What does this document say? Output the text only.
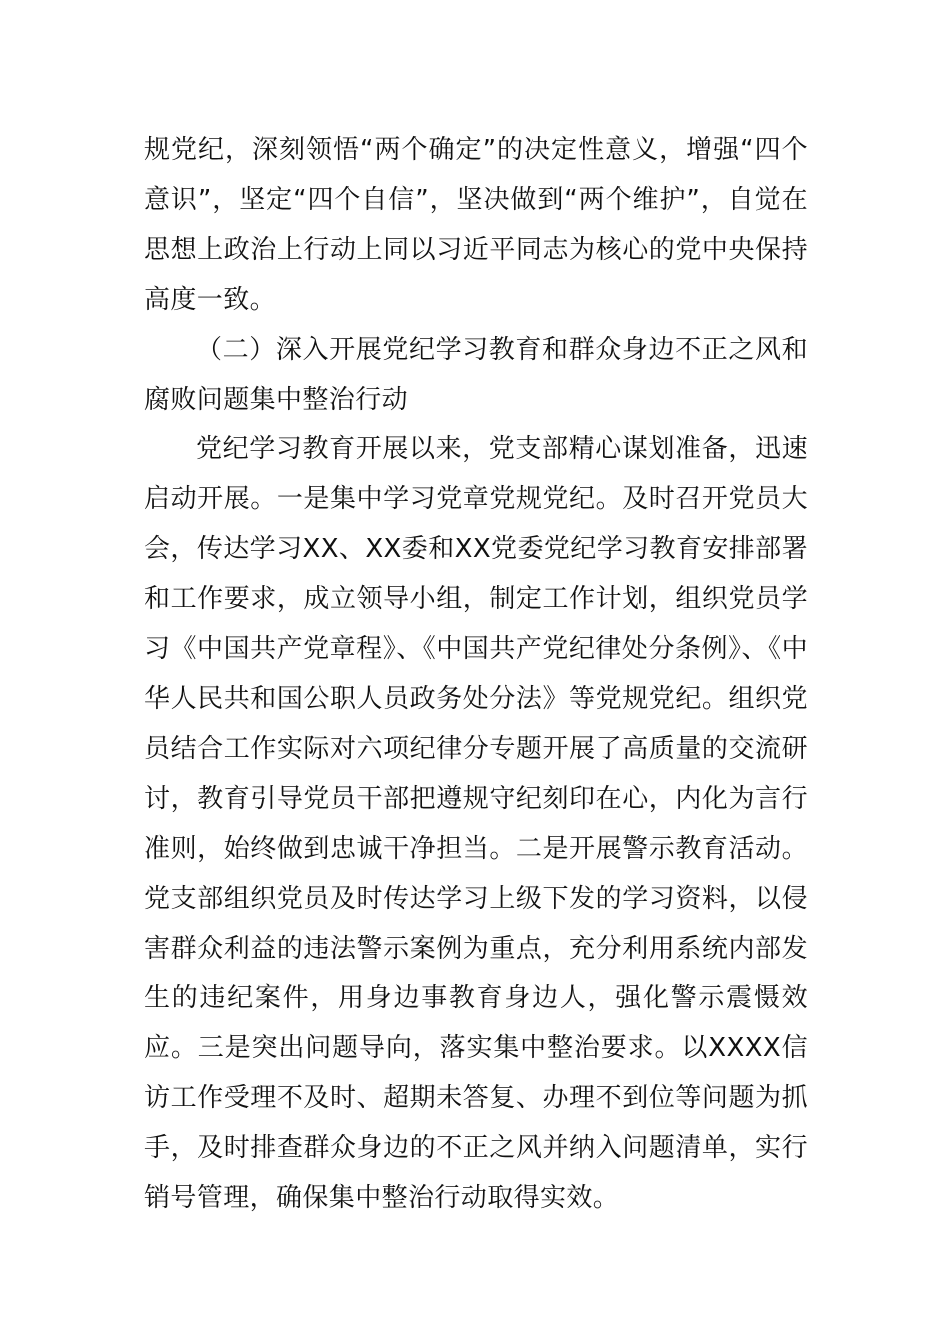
规党纪，深刻领悟“两个确定”的决定性意义，增强“四个意识”，坚定“四个自信”，坚决做到“两个维护”，自觉在思想上政治上行动上同以习近平同志为核心的党中央保持高度一致。

（二）深入开展党纪学习教育和群众身边不正之风和腐败问题集中整治行动

党纪学习教育开展以来，党支部精心谋划准备，迅速启动开展。一是集中学习党章党规党纪。及时召开党员大会，传达学习XX、XX委和XX党委党纪学习教育安排部署和工作要求，成立领导小组，制定工作计划，组织党员学习《中国共产党章程》、《中国共产党纪律处分条例》、《中华人民共和国公职人员政务处分法》等党规党纪。组织党员结合工作实际对六项纪律分专题开展了高质量的交流研讨，教育引导党员干部把遵规守纪刻印在心，内化为言行准则，始终做到忠诚干净担当。二是开展警示教育活动。党支部组织党员及时传达学习上级下发的学习资料，以侵害群众利益的违法警示案例为重点，充分利用系统内部发生的违纪案件，用身边事教育身边人，强化警示震慑效应。三是突出问题导向，落实集中整治要求。以XXXX信访工作受理不及时、超期未答复、办理不到位等问题为抓手，及时排查群众身边的不正之风并纳入问题清单，实行销号管理，确保集中整治行动取得实效。
